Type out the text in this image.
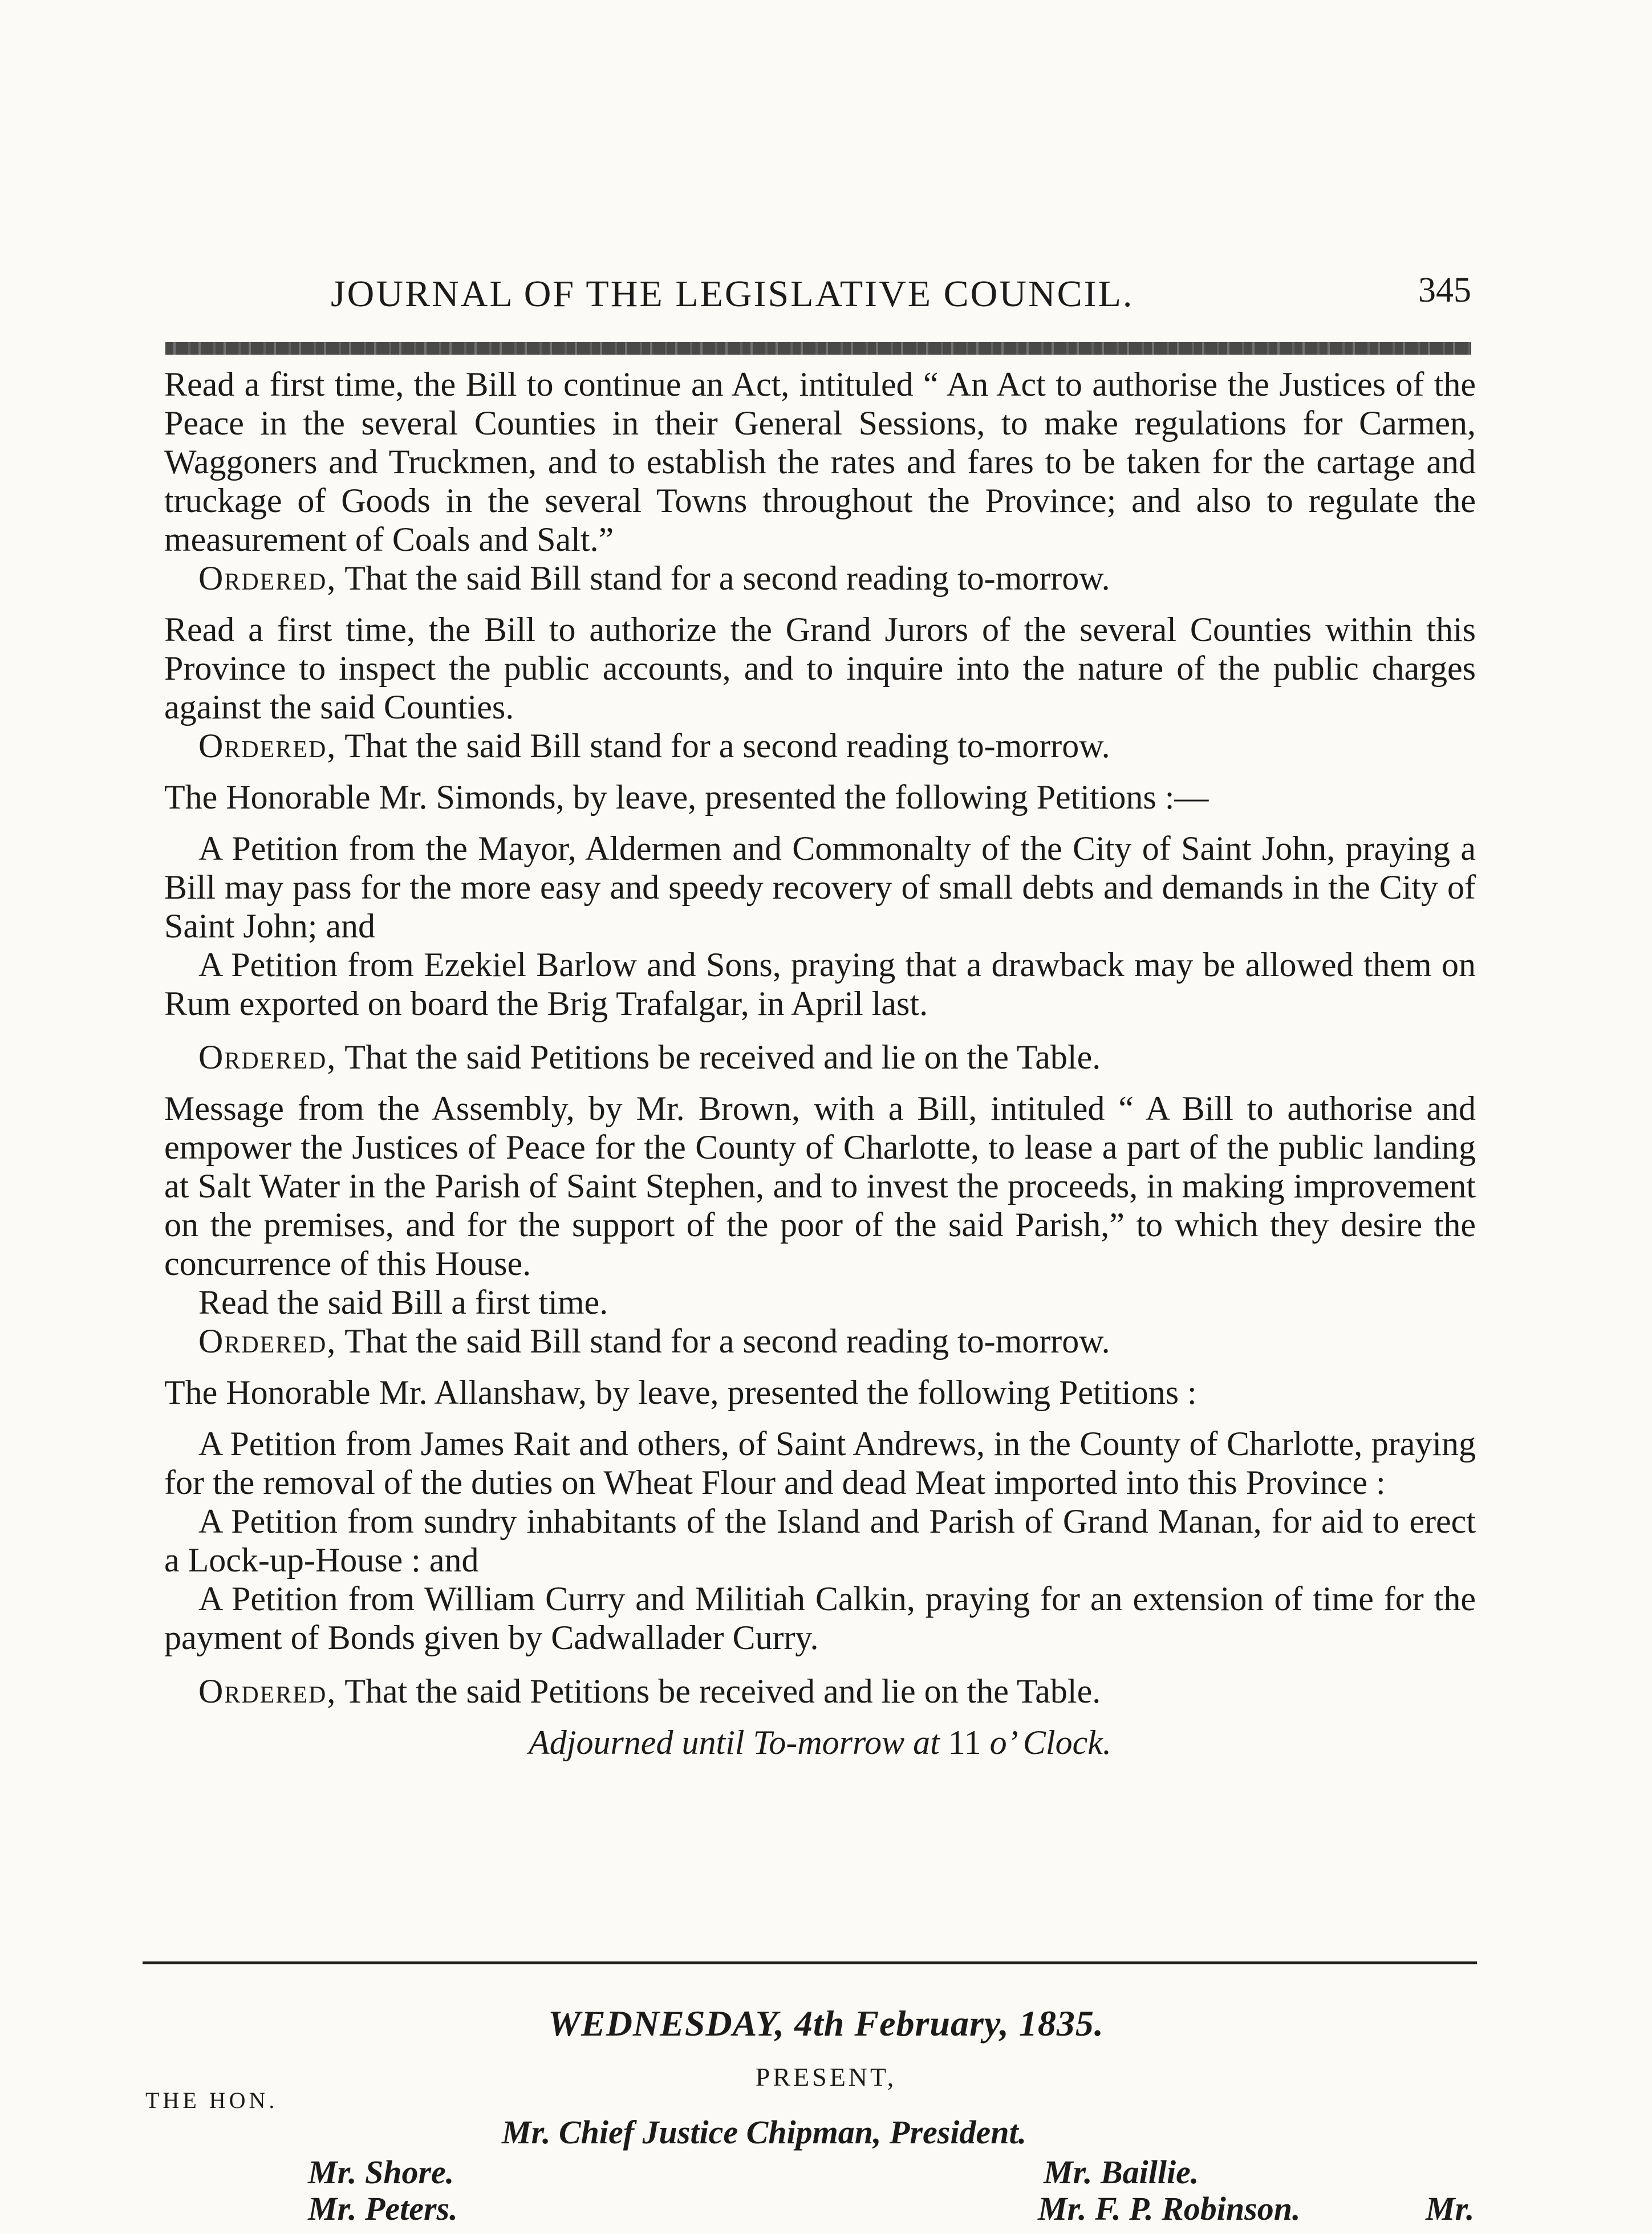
JOURNAL OF THE LEGISLATIVE COUNCIL.	345

Read a first time, the Bill to continue an Act, intituled “ An Act to authorise the Justices of the Peace in the several Counties in their General Sessions, to make regulations for Carmen, Waggoners and Truckmen, and to establish the rates and fares to be taken for the cartage and truckage of Goods in the several Towns throughout the Province; and also to regulate the measurement of Coals and Salt.”

Ordered, That the said Bill stand for a second reading to-morrow.

Read a first time, the Bill to authorize the Grand Jurors of the several Counties within this Province to inspect the public accounts, and to inquire into the nature of the public charges against the said Counties.

Ordered, That the said Bill stand for a second reading to-morrow.

The Honorable Mr. Simonds, by leave, presented the following Petitions :—

A Petition from the Mayor, Aldermen and Commonalty of the City of Saint John, praying a Bill may pass for the more easy and speedy recovery of small debts and demands in the City of Saint John; and

A Petition from Ezekiel Barlow and Sons, praying that a drawback may be allowed them on Rum exported on board the Brig Trafalgar, in April last.

Ordered, That the said Petitions be received and lie on the Table.

Message from the Assembly, by Mr. Brown, with a Bill, intituled “ A Bill to authorise and empower the Justices of Peace for the County of Charlotte, to lease a part of the public landing at Salt Water in the Parish of Saint Stephen, and to invest the proceeds, in making improvement on the premises, and for the support of the poor of the said Parish,” to which they desire the concurrence of this House.

Read the said Bill a first time.

Ordered, That the said Bill stand for a second reading to-morrow.

The Honorable Mr. Allanshaw, by leave, presented the following Petitions :

A Petition from James Rait and others, of Saint Andrews, in the County of Charlotte, praying for the removal of the duties on Wheat Flour and dead Meat imported into this Province :

A Petition from sundry inhabitants of the Island and Parish of Grand Manan, for aid to erect a Lock-up-House : and

A Petition from William Curry and Militiah Calkin, praying for an extension of time for the payment of Bonds given by Cadwallader Curry.

Ordered, That the said Petitions be received and lie on the Table.

Adjourned until To-morrow at 11 o’ Clock.
WEDNESDAY, 4th February, 1835.
PRESENT,
THE HON.
Mr. Chief Justice Chipman, President.
Mr. Shore.	Mr. Baillie.
Mr. Peters.	Mr. F. P. Robinson.	Mr.
